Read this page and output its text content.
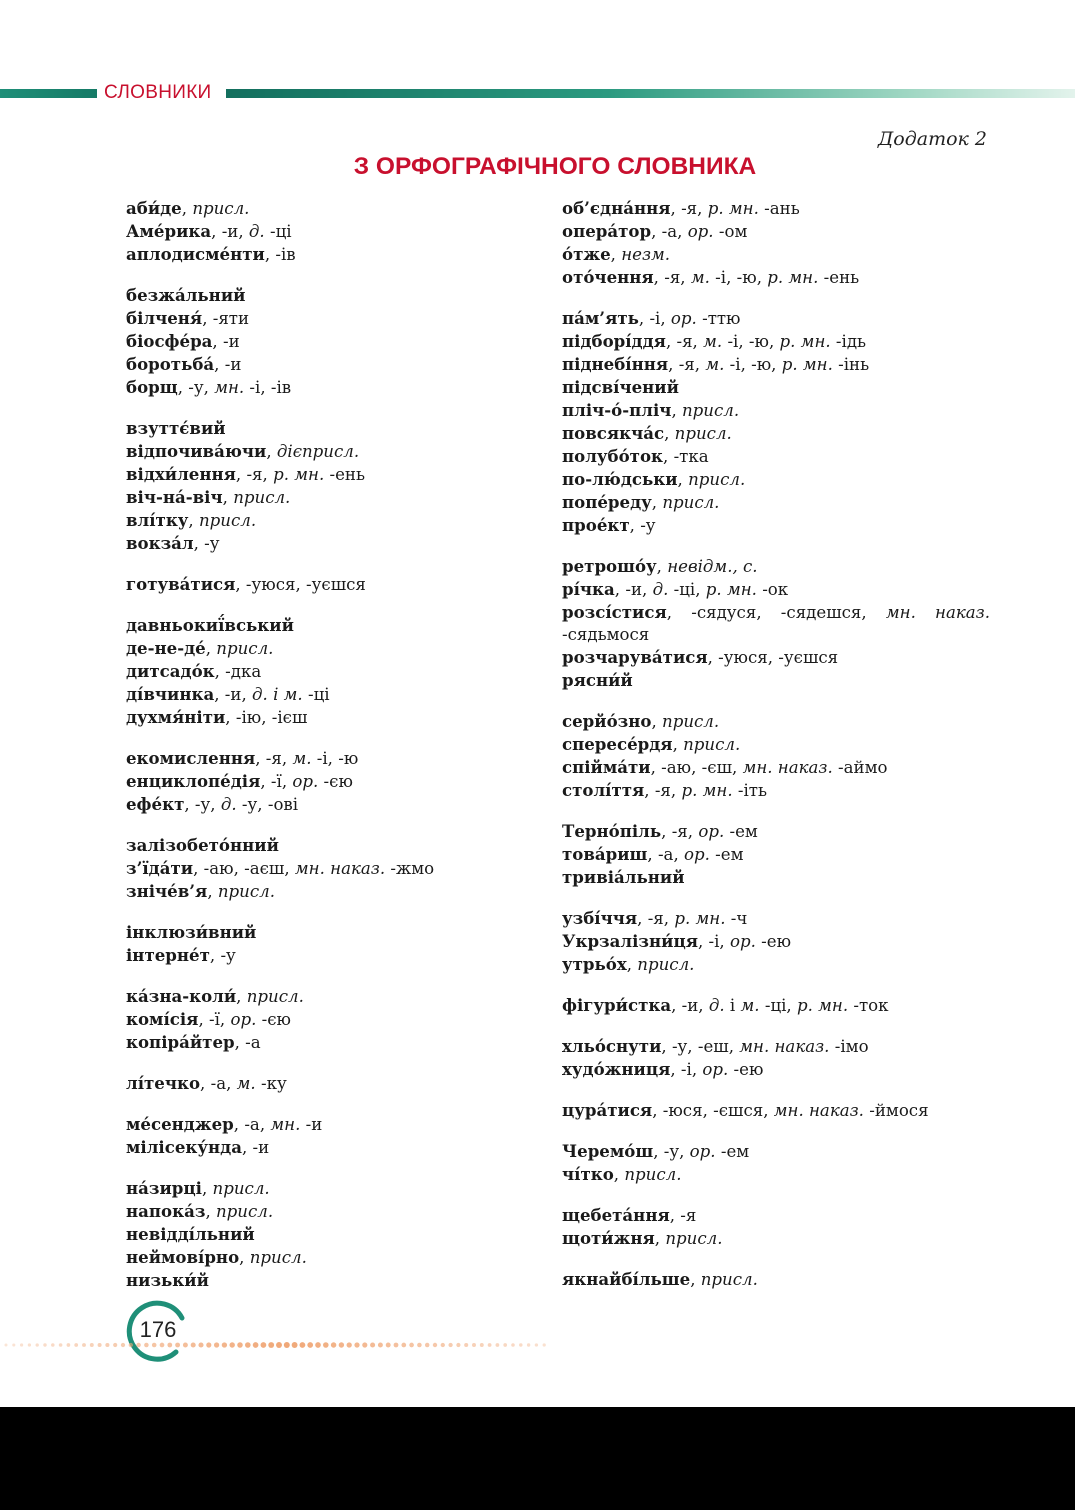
СЛОВНИКИ
Додаток 2
З ОРФОГРАФІЧНОГО СЛОВНИКА
аби́де, присл.
Аме́рика, -и, д. -ці
аплодисме́нти, -ів
безжа́льний
білченя́, -яти
біосфе́ра, -и
боротьба́, -и
борщ, -у, мн. -і, -ів
взуттє́вий
відпочива́ючи, дієприсл.
відхи́лення, -я, р. мн. -ень
віч-на́-віч, присл.
влі́тку, присл.
вокза́л, -у
готува́тися, -уюся, -уєшся
давньокиї́вський
де-не-де́, присл.
дитсадо́к, -дка
ді́вчинка, -и, д. і м. -ці
духмя́ніти, -ію, -ієш
екомислення, -я, м. -і, -ю
енциклопе́дія, -ї, ор. -єю
ефе́кт, -у, д. -у, -ові
залізобето́нний
з’їда́ти, -аю, -аєш, мн. наказ. -жмо
зніче́в’я, присл.
інклюзи́вний
інтерне́т, -у
ка́зна-коли́, присл.
комі́сія, -ї, ор. -єю
копіра́йтер, -а
лі́течко, -а, м. -ку
ме́сенджер, -а, мн. -и
мілісеку́нда, -и
на́зирці, присл.
напока́з, присл.
невідді́льний
неймові́рно, присл.
низьки́й
об’єдна́ння, -я, р. мн. -ань
опера́тор, -а, ор. -ом
о́тже, незм.
ото́чення, -я, м. -і, -ю, р. мн. -ень
па́м’ять, -і, ор. -ттю
підборі́ддя, -я, м. -і, -ю, р. мн. -ідь
піднебі́ння, -я, м. -і, -ю, р. мн. -інь
підсві́чений
пліч-о́-пліч, присл.
повсякча́с, присл.
полубо́ток, -тка
по-лю́дськи, присл.
попе́реду, присл.
прое́кт, -у
ретрошо́у, невідм., с.
рі́чка, -и, д. -ці, р. мн. -ок
розсі́стися, -сядуся, -сядешся, мн. наказ. -сядьмося
розчарува́тися, -уюся, -уєшся
рясни́й
серйо́зно, присл.
спересе́рдя, присл.
спійма́ти, -аю, -єш, мн. наказ. -аймо
столі́ття, -я, р. мн. -іть
Терно́піль, -я, ор. -ем
това́риш, -а, ор. -ем
тривіа́льний
узбі́ччя, -я, р. мн. -ч
Укрзалізни́ця, -і, ор. -ею
утрьо́х, присл.
фігури́стка, -и, д. і м. -ці, р. мн. -ток
хльо́снути, -у, -еш, мн. наказ. -імо
худо́жниця, -і, ор. -ею
цура́тися, -юся, -єшся, мн. наказ. -ймося
Черемо́ш, -у, ор. -ем
чі́тко, присл.
щебета́ння, -я
щоти́жня, присл.
якнайбі́льше, присл.
176
